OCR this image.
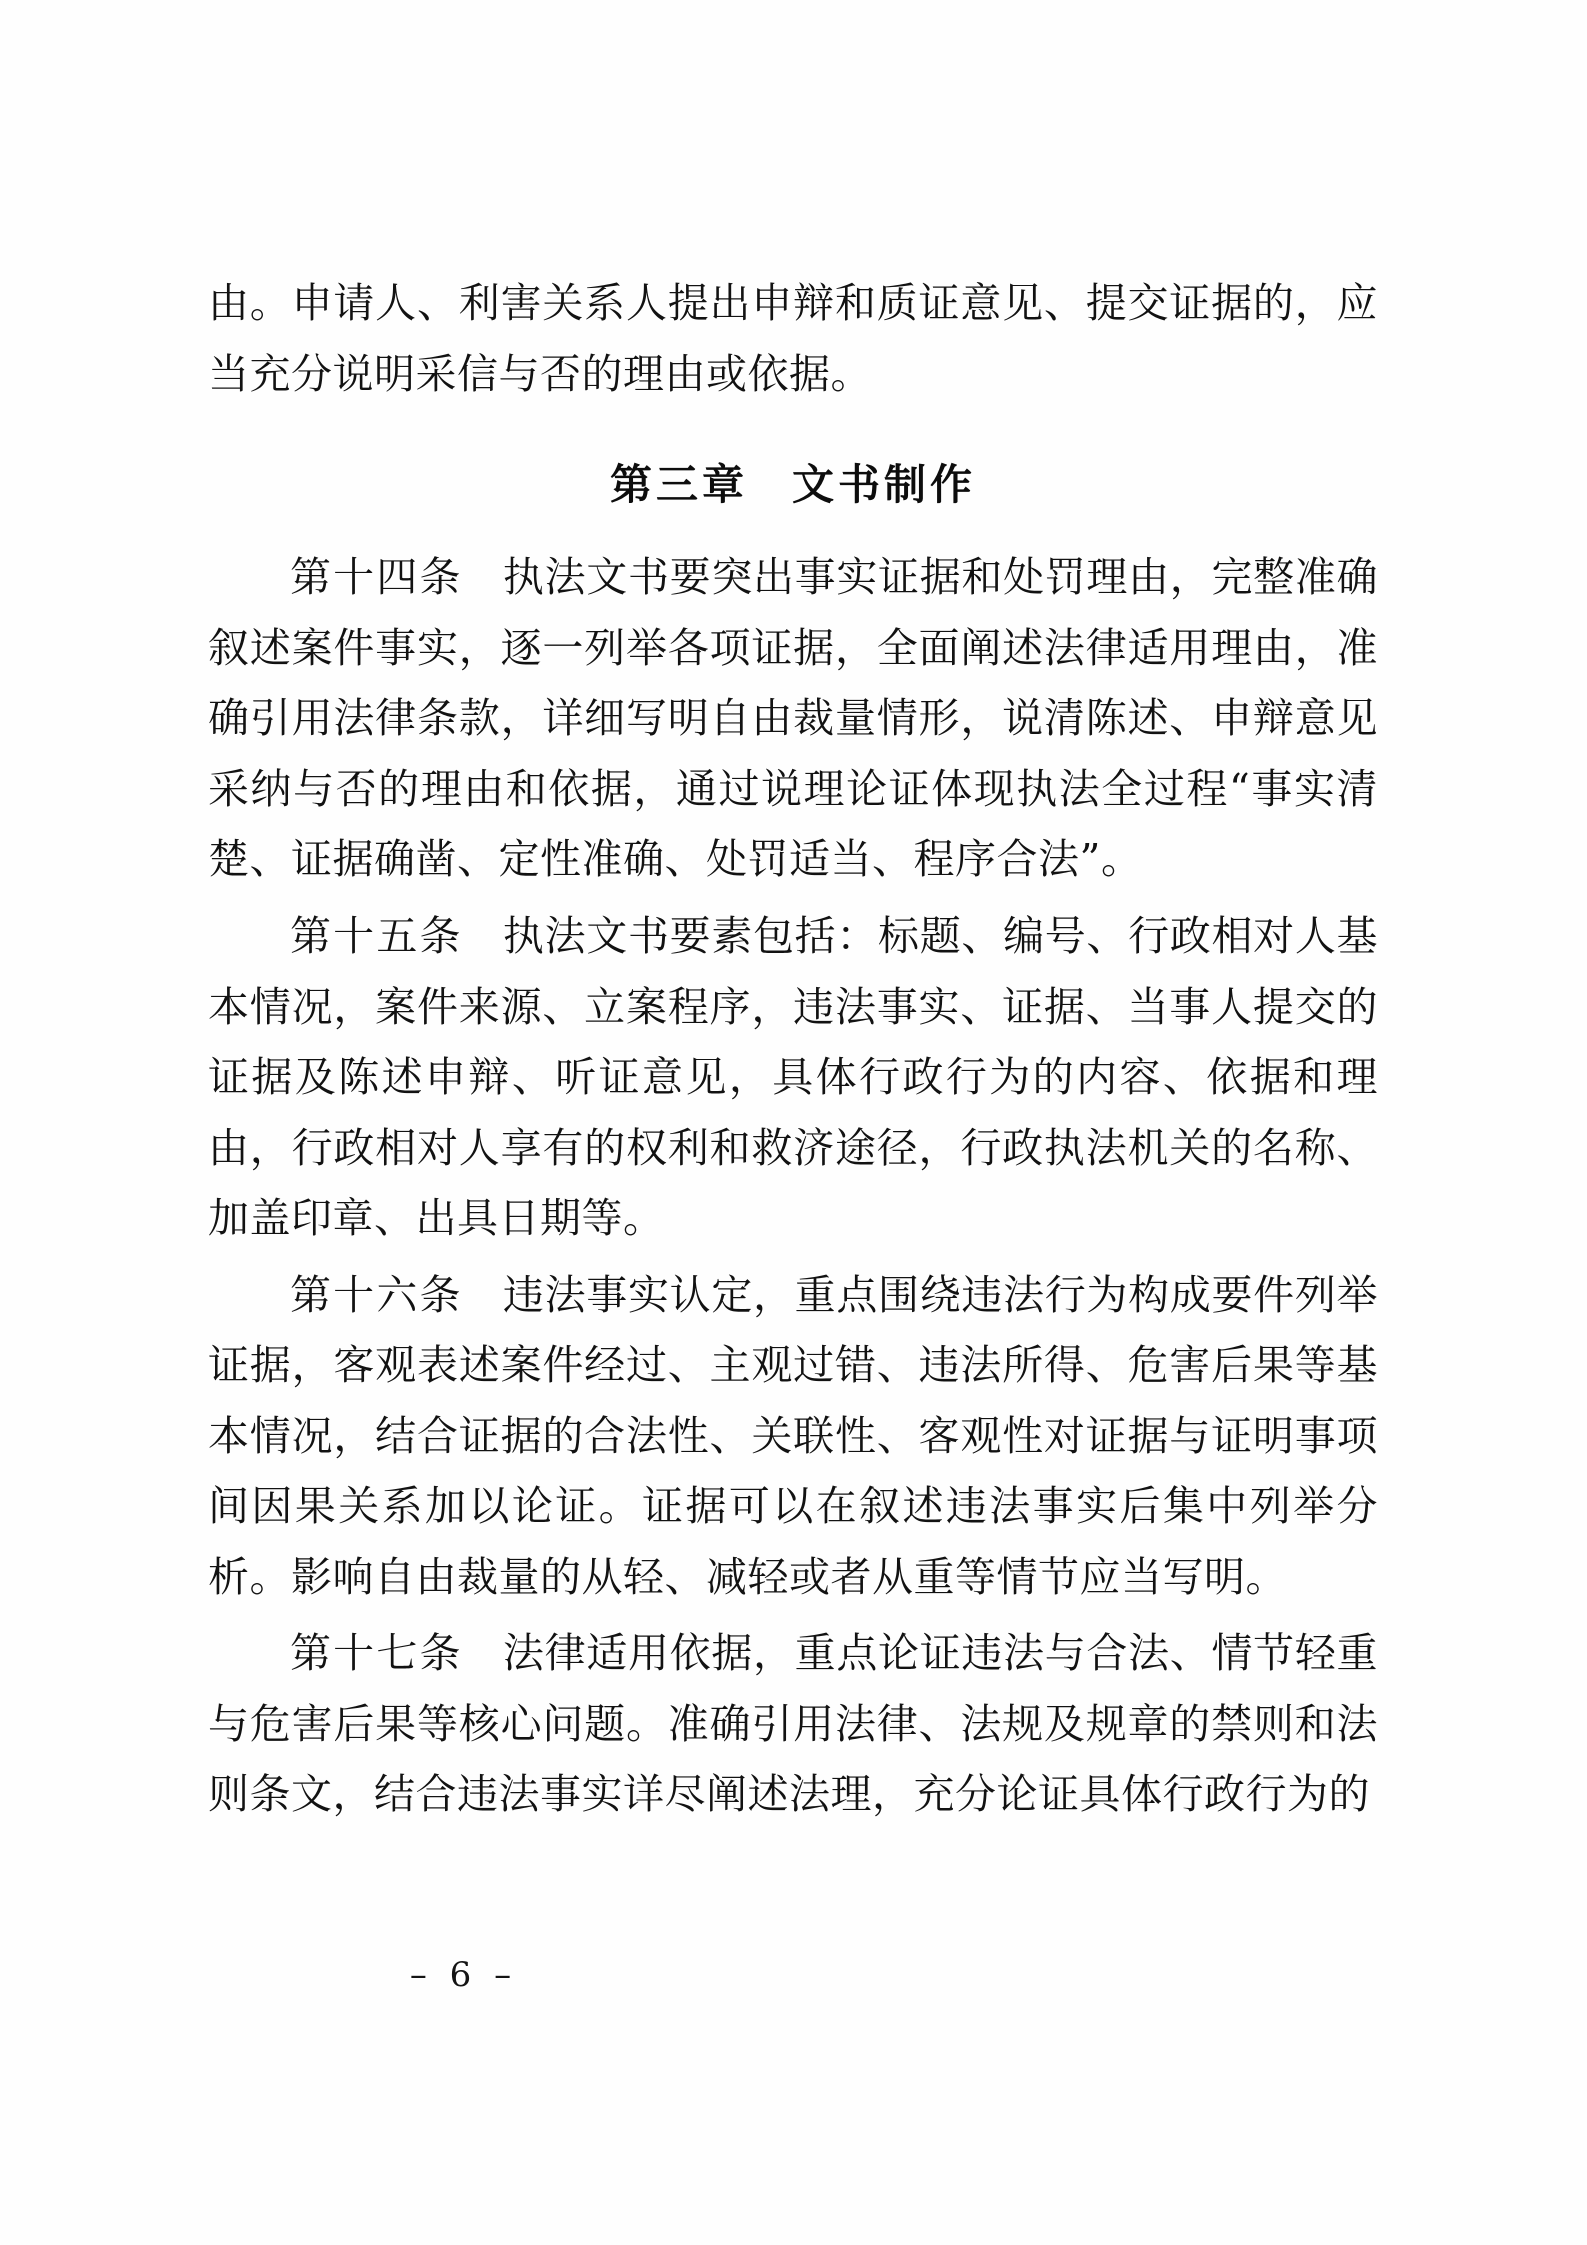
由。申请人、利害关系人提出申辩和质证意见、提交证据的，应当充分说明采信与否的理由或依据。

第三章 文书制作

第十四条 执法文书要突出事实证据和处罚理由，完整准确叙述案件事实，逐一列举各项证据，全面阐述法律适用理由，准确引用法律条款，详细写明自由裁量情形，说清陈述、申辩意见采纳与否的理由和依据，通过说理论证体现执法全过程“事实清楚、证据确凿、定性准确、处罚适当、程序合法”。

第十五条 执法文书要素包括：标题、编号、行政相对人基本情况，案件来源、立案程序，违法事实、证据、当事人提交的证据及陈述申辩、听证意见，具体行政行为的内容、依据和理由，行政相对人享有的权利和救济途径，行政执法机关的名称、加盖印章、出具日期等。

第十六条 违法事实认定，重点围绕违法行为构成要件列举证据，客观表述案件经过、主观过错、违法所得、危害后果等基本情况，结合证据的合法性、关联性、客观性对证据与证明事项间因果关系加以论证。证据可以在叙述违法事实后集中列举分析。影响自由裁量的从轻、减轻或者从重等情节应当写明。

第十七条 法律适用依据，重点论证违法与合法、情节轻重与危害后果等核心问题。准确引用法律、法规及规章的禁则和法则条文，结合违法事实详尽阐述法理，充分论证具体行政行为的

– 6 –
